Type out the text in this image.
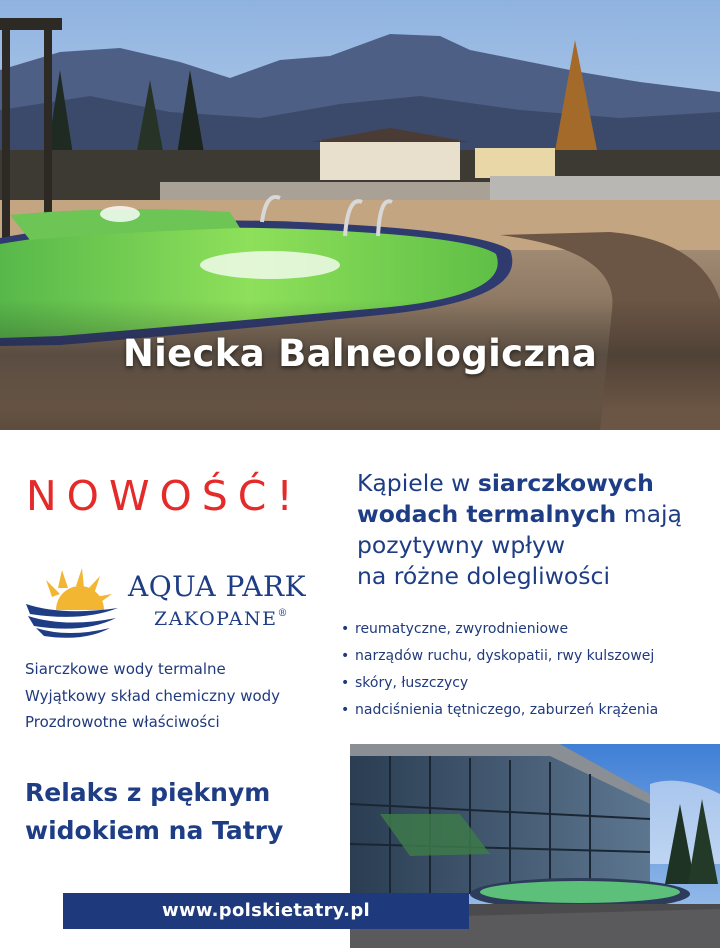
Niecka Balneologiczna
NOWOŚĆ!
AQUA PARK
ZAKOPANE®
Siarczkowe wody termalne
Wyjątkowy skład chemiczny wody
Prozdrowotne właściwości
Relaks z pięknym
widokiem na Tatry
Kąpiele w siarczkowych
wodach termalnych mają
pozytywny wpływ
na różne dolegliwości
• reumatyczne, zwyrodnieniowe
• narządów ruchu, dyskopatii, rwy kulszowej
• skóry, łuszczycy
• nadciśnienia tętniczego, zaburzeń krążenia
www.polskietatry.pl
